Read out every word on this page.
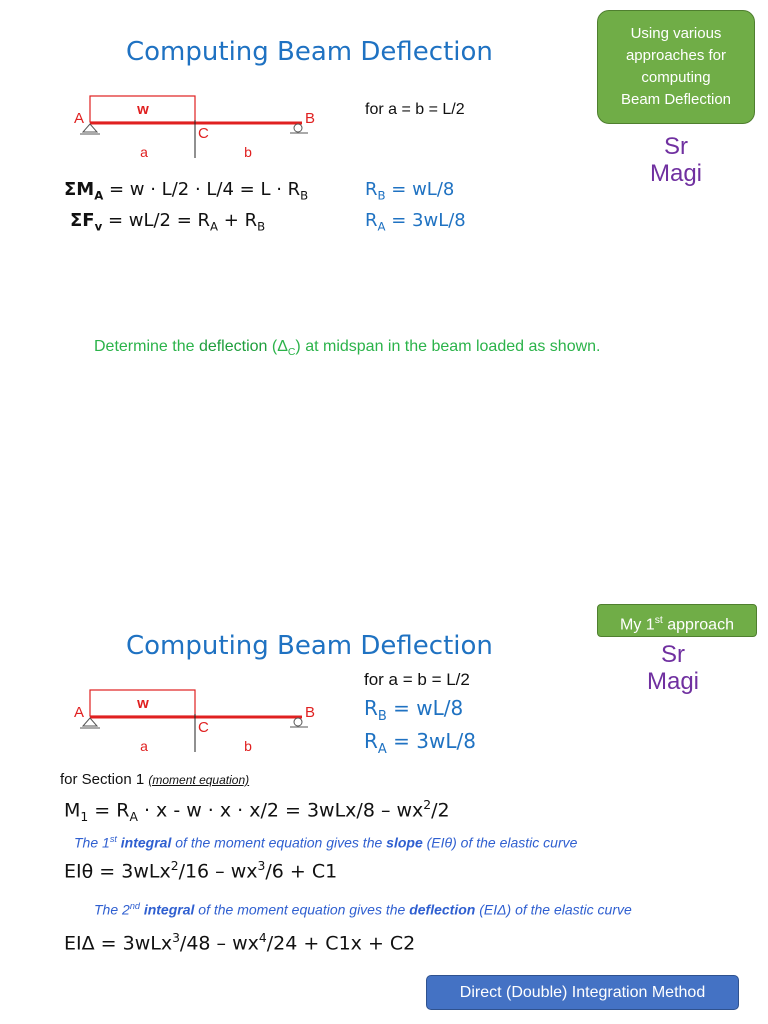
Computing Beam Deflection
Using various
approaches for
computing
Beam Deflection
Sr
Magi
w
A	B
C
a	b
for a = b = L/2
$\Sigma M_A = w \cdot L/2 \cdot L/4 = L \cdot R_B$
$\Sigma F_v = wL/2 = R_A + R_B$
$R_B = wL/8$
$R_A = 3wL/8$
Determine the deflection $(\Delta_C)$ at midspan in the beam loaded as shown.
Computing Beam Deflection
My 1st approach
Sr
Magi
w
A	B
C
a	b
for a = b = L/2
$R_B = wL/8$
$R_A = 3wL/8$
for Section 1 (moment equation)
$M_1 = R_A \cdot x - w \cdot x \cdot x/2 = 3wLx/8 - wx^2/2$
The 1st integral of the moment equation gives the slope (EIθ) of the elastic curve
$EI\theta = 3wLx^2/16 - wx^3/6 + C1$
The 2nd integral of the moment equation gives the deflection (EIΔ) of the elastic curve
$EI\Delta = 3wLx^3/48 - wx^4/24 + C1x + C2$
Direct (Double) Integration Method
